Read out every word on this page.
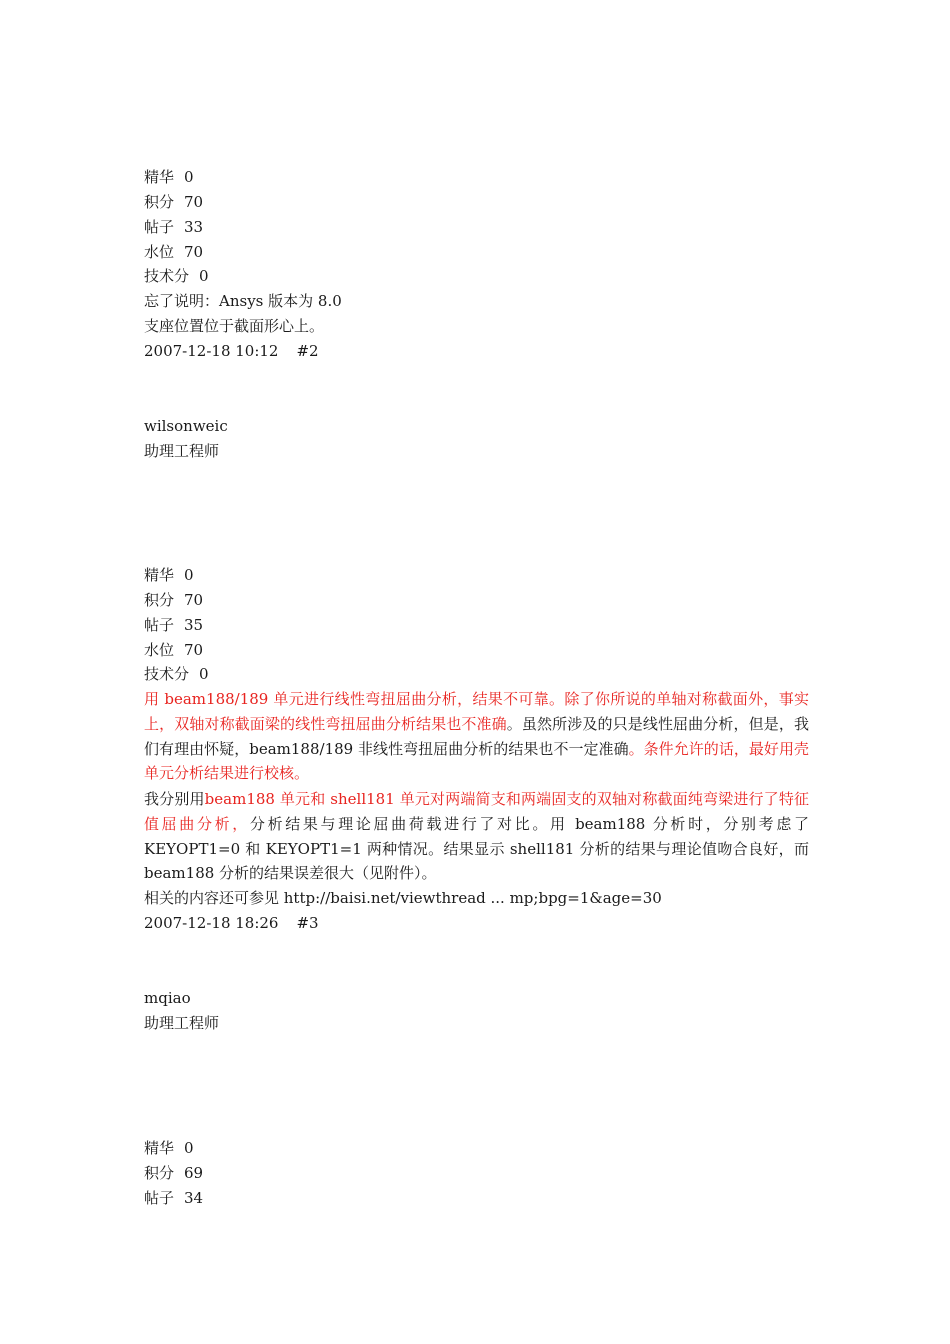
精华 0
积分 70
帖子 33
水位 70
技术分 0
忘了说明：Ansys 版本为 8.0
支座位置位于截面形心上。
2007-12-18 10:12 #2
wilsonweic
助理工程师
精华 0
积分 70
帖子 35
水位 70
技术分 0
用 beam188/189 单元进行线性弯扭屈曲分析，结果不可靠。除了你所说的单轴对称截面外，事实上，双轴对称截面梁的线性弯扭屈曲分析结果也不准确。虽然所涉及的只是线性屈曲分析，但是，我们有理由怀疑，beam188/189 非线性弯扭屈曲分析的结果也不一定准确。条件允许的话，最好用壳单元分析结果进行校核。
我分别用beam188 单元和 shell181 单元对两端简支和两端固支的双轴对称截面纯弯梁进行了特征值屈曲分析，分析结果与理论屈曲荷载进行了对比。用 beam188 分析时，分别考虑了 KEYOPT1=0 和 KEYOPT1=1 两种情况。结果显示 shell181 分析的结果与理论值吻合良好，而 beam188 分析的结果误差很大（见附件）。
相关的内容还可参见 http://baisi.net/viewthread ... mp;bpg=1&age=30
2007-12-18 18:26 #3
mqiao
助理工程师
精华 0
积分 69
帖子 34
